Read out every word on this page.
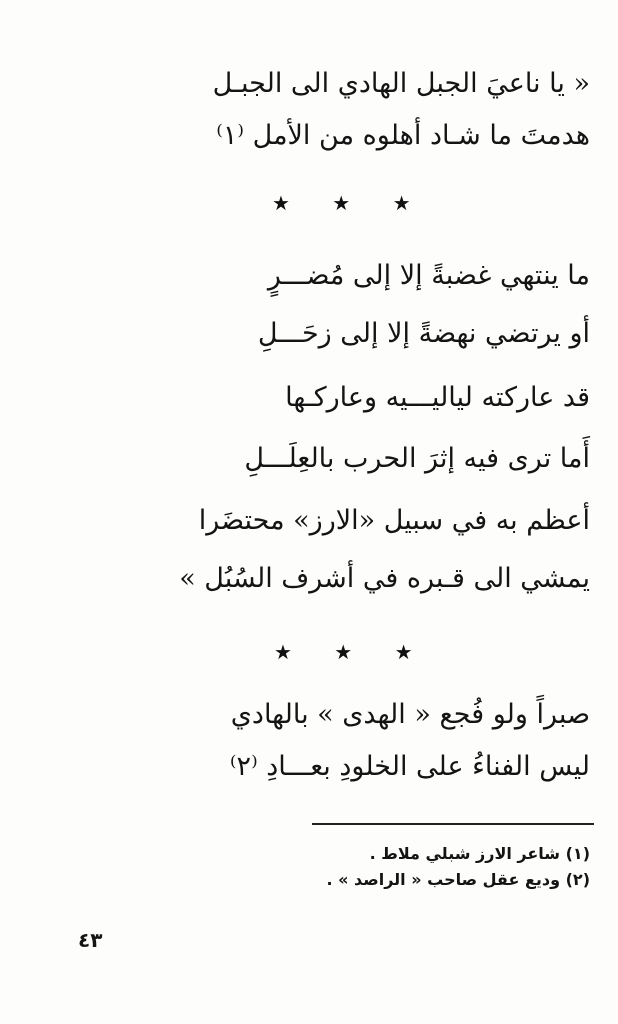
« يا ناعيَ الجبل الهادي الى الجبـل

هدمتَ ما شـاد أهلوه من الأمل ⁽١⁾

★ ★ ★

ما ينتهي غضبةً إلا إلى مُضـــرٍ

أو يرتضي نهضةً إلا إلى زحَـــلِ

قد عاركته لياليـــيه وعاركـها

أَما ترى فيه إثرَ الحرب بالعِلَـــلِ

أعظم به في سبيل «الارز» محتضَرا

يمشي الى قـبره في أشرف السُبُل »

★ ★ ★

صبراً ولو فُجع « الهدى » بالهادي

ليس الفناءُ على الخلودِ بعـــادِ ⁽٢⁾

(١) شاعر الارز شبلي ملاط .

(٢) وديع عقل صاحب « الراصد » .

٤٣
